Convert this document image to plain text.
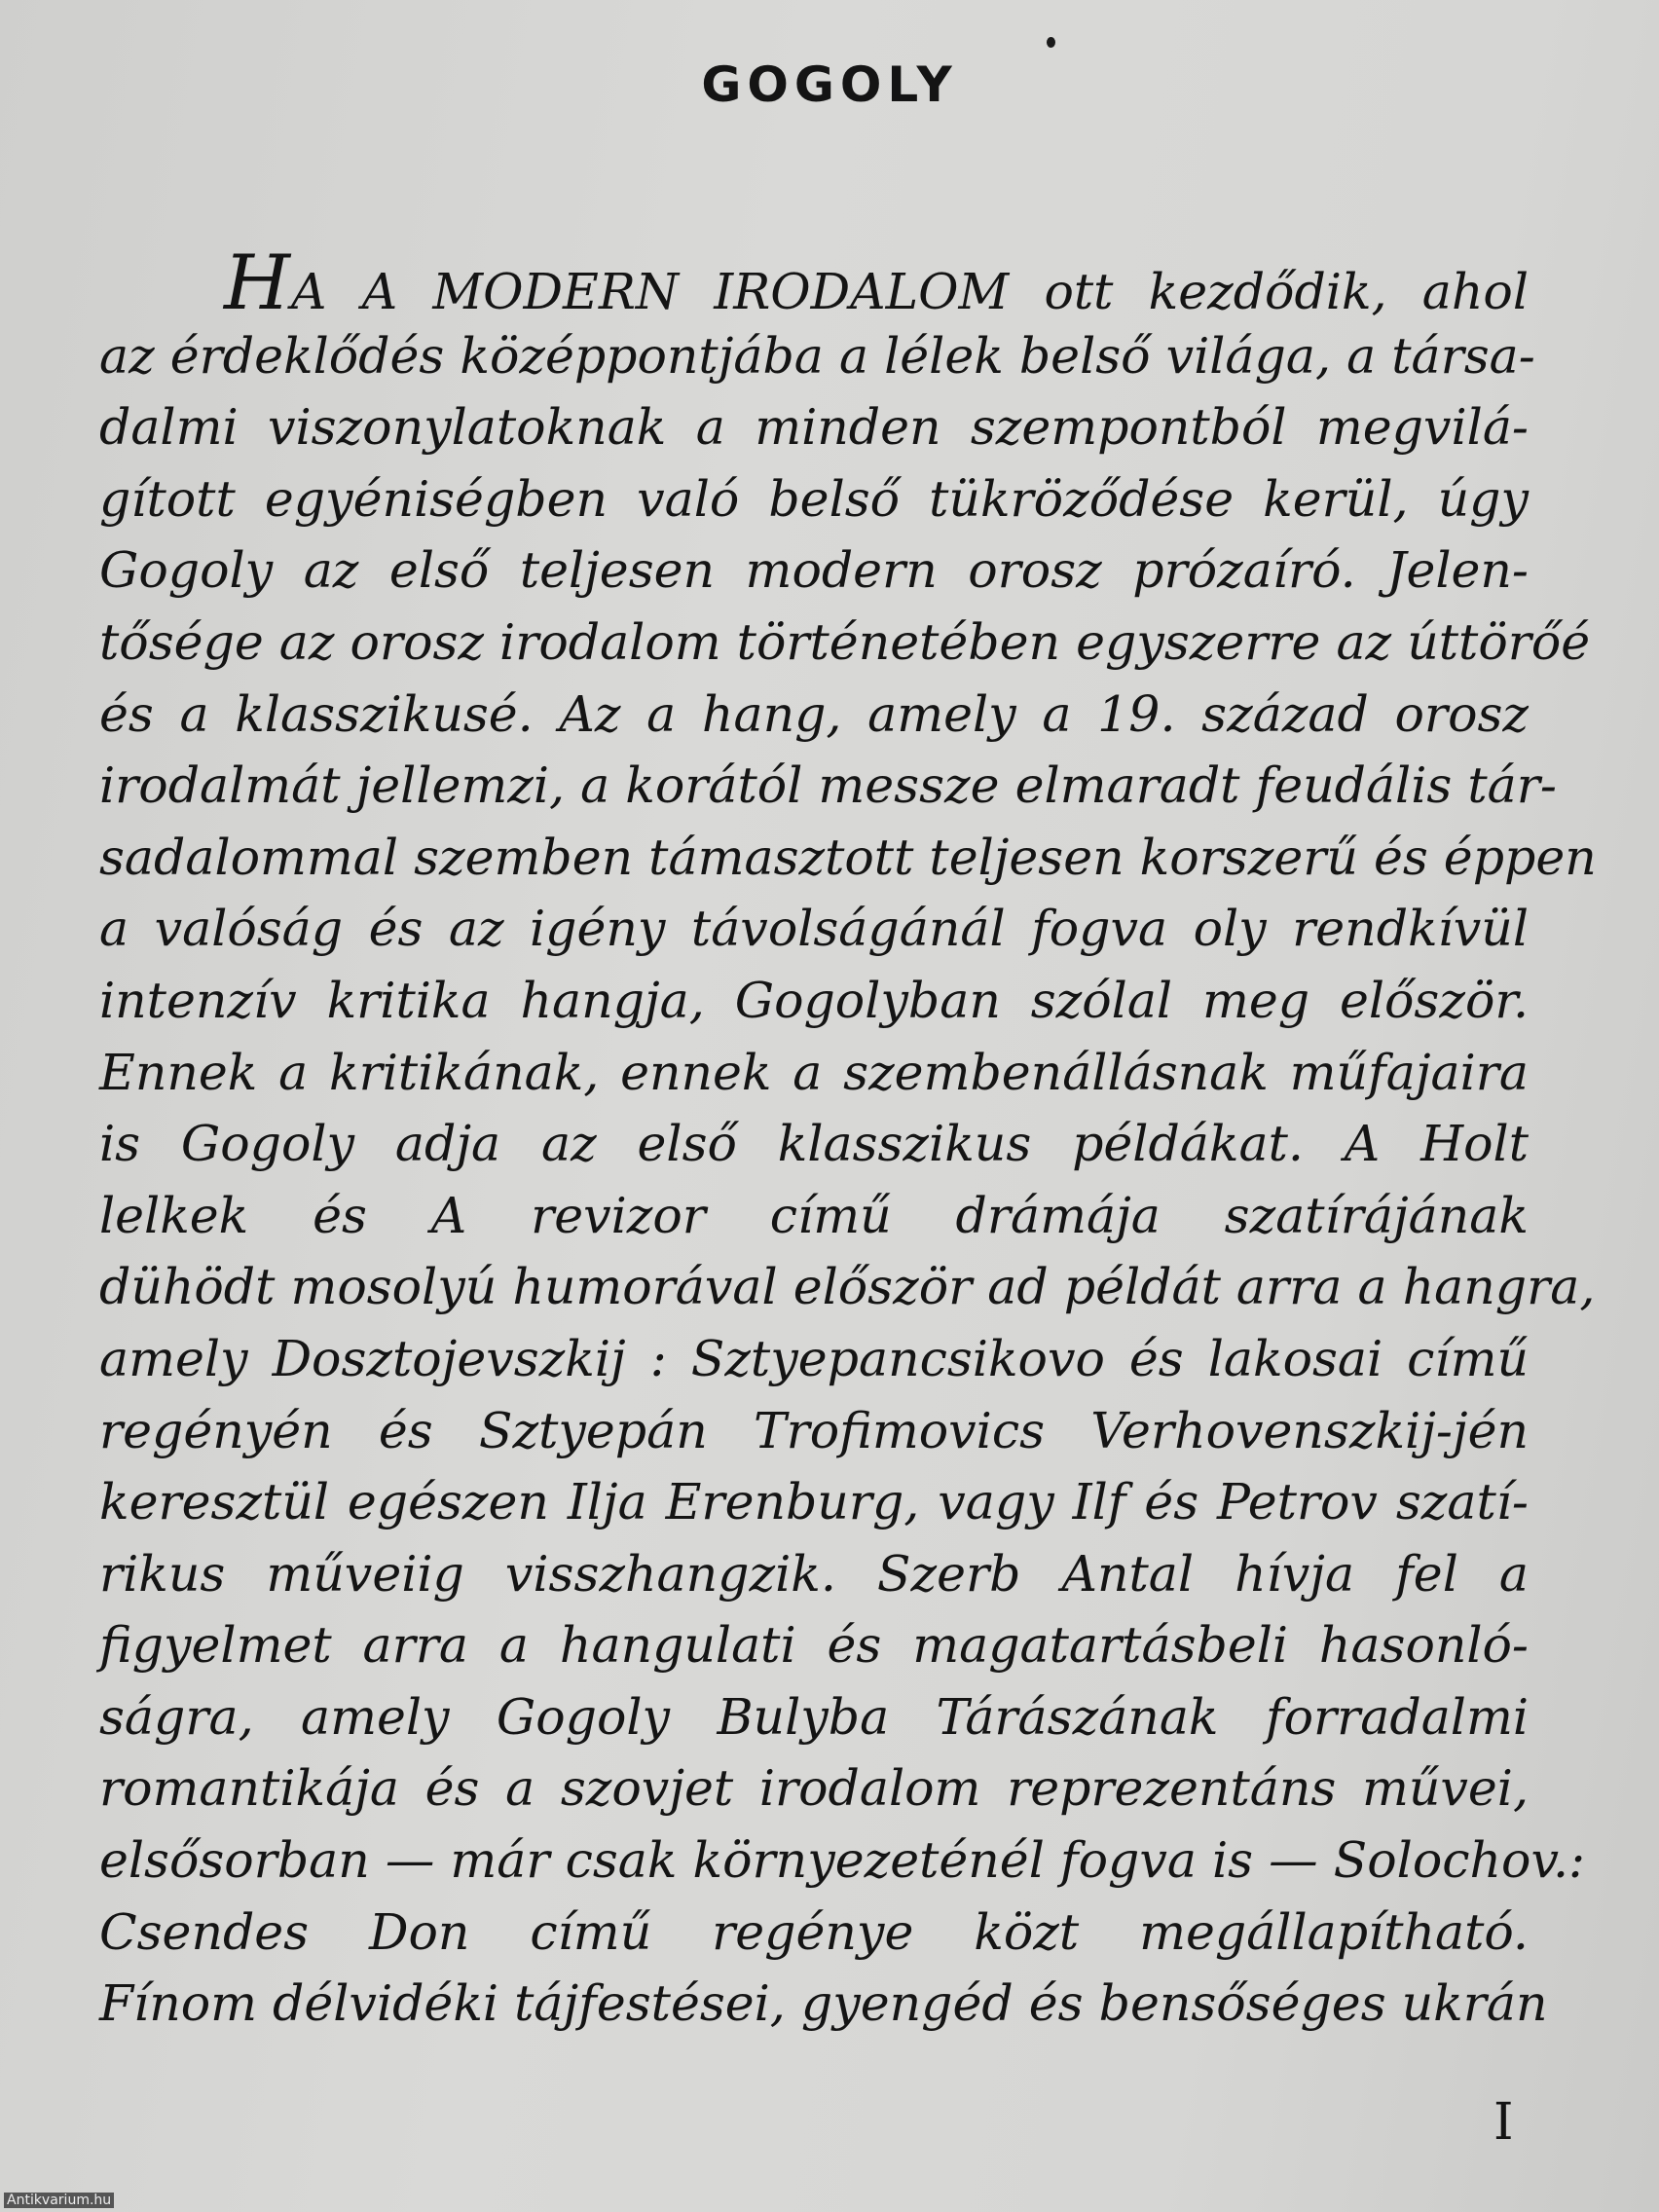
GOGOLY
HA A MODERN IRODALOM ott kezdődik, ahol
az érdeklődés középpontjába a lélek belső világa, a társa-
dalmi viszonylatoknak a minden szempontból megvilá-
gított egyéniségben való belső tükröződése kerül, úgy
Gogoly az első teljesen modern orosz prózaíró. Jelen-
tősége az orosz irodalom történetében egyszerre az úttörőé
és a klasszikusé. Az a hang, amely a 19. század orosz
irodalmát jellemzi, a korától messze elmaradt feudális tár-
sadalommal szemben támasztott teljesen korszerű és éppen
a valóság és az igény távolságánál fogva oly rendkívül
intenzív kritika hangja, Gogolyban szólal meg először.
Ennek a kritikának, ennek a szembenállásnak műfajaira
is Gogoly adja az első klasszikus példákat. A Holt
lelkek és A revizor című drámája szatírájának
dühödt mosolyú humorával először ad példát arra a hangra,
amely Dosztojevszkij : Sztyepancsikovo és lakosai című
regényén és Sztyepán Trofimovics Verhovenszkij-jén
keresztül egészen Ilja Erenburg, vagy Ilf és Petrov szatí-
rikus műveiig visszhangzik. Szerb Antal hívja fel a
figyelmet arra a hangulati és magatartásbeli hasonló-
ságra, amely Gogoly Bulyba Tárászának forradalmi
romantikája és a szovjet irodalom reprezentáns művei,
elsősorban — már csak környezeténél fogva is — Solochov.:
Csendes Don című regénye közt megállapítható.
Fínom délvidéki tájfestései, gyengéd és bensőséges ukrán
I
Antikvarium.hu
